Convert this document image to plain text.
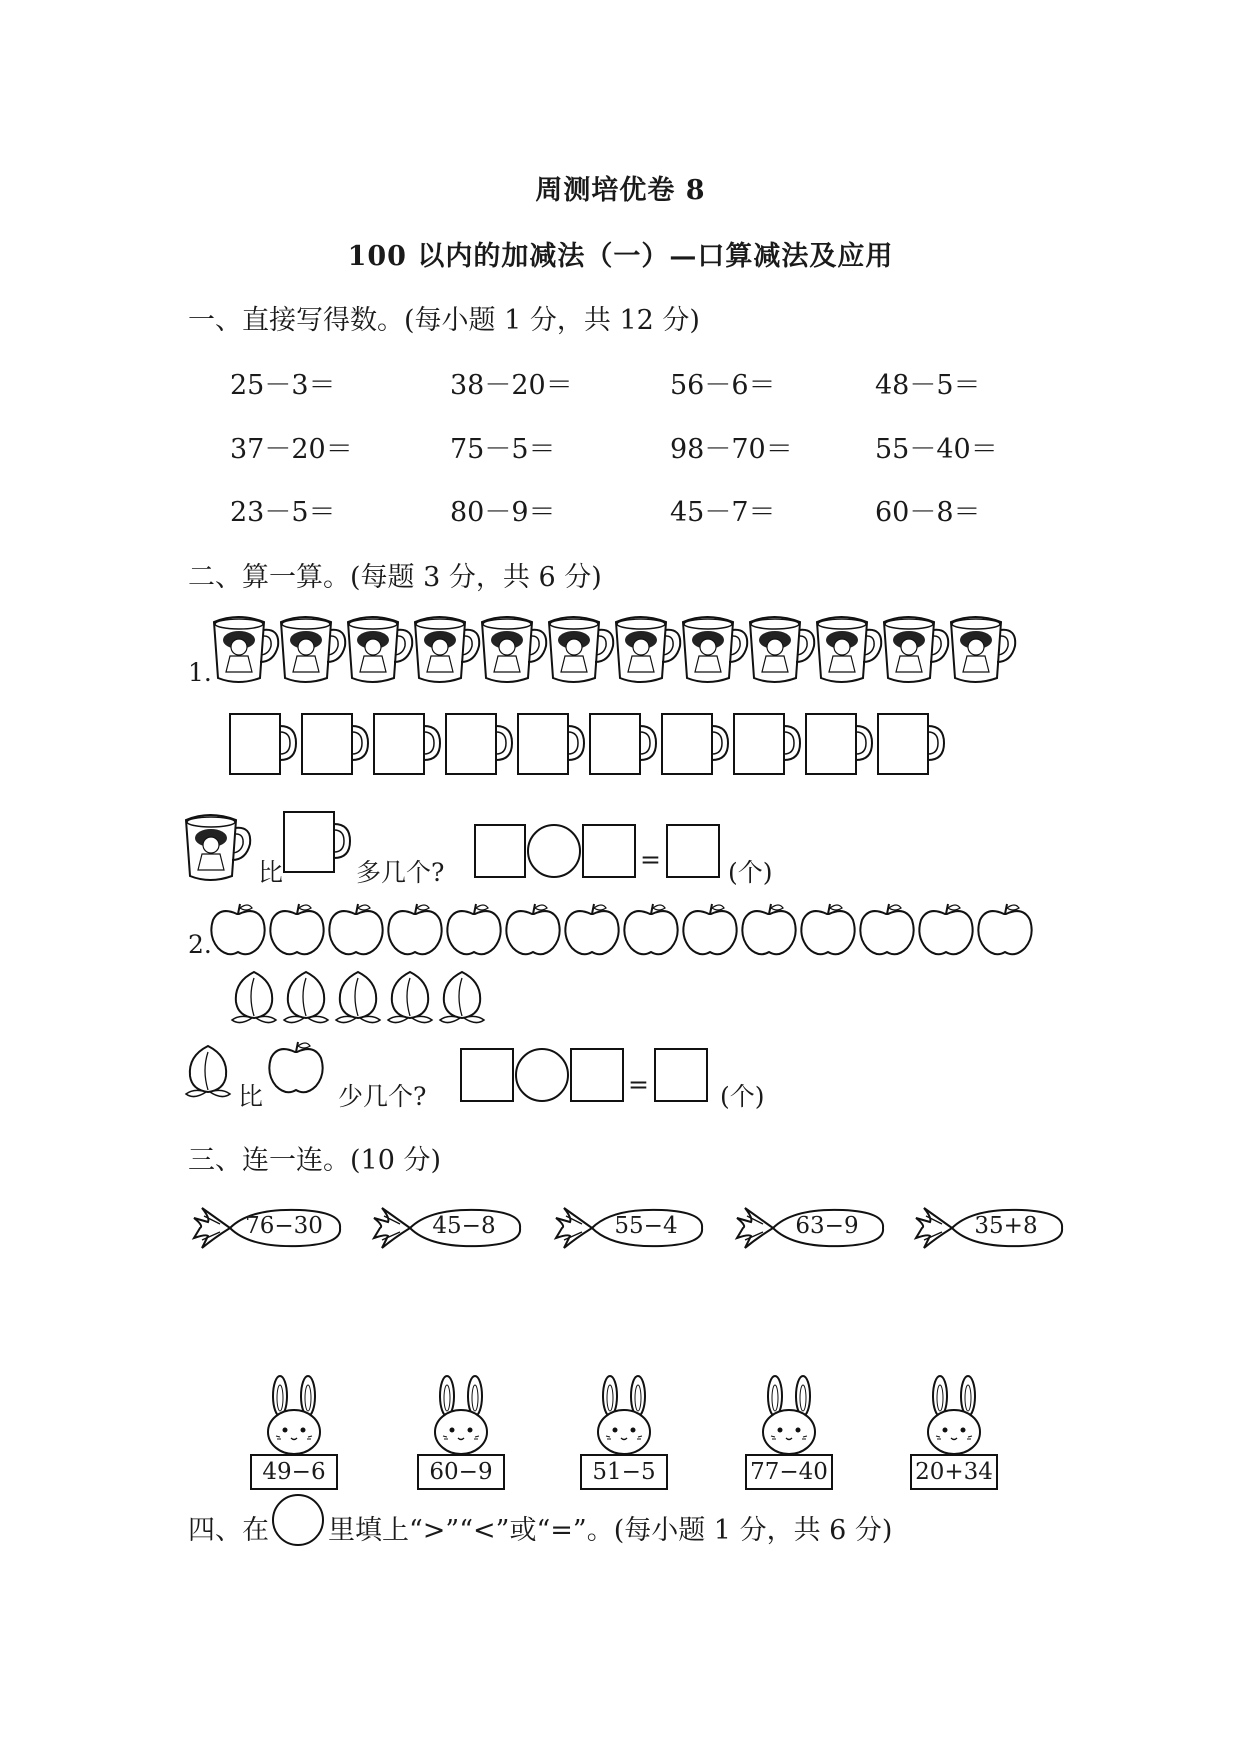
周测培优卷 8
100 以内的加减法（一）—口算减法及应用
一、直接写得数。(每小题 1 分，共 12 分)
25－3＝	38－20＝	56－6＝	48－5＝
37－20＝	75－5＝	98－70＝	55－40＝
23－5＝	80－9＝	45－7＝	60－8＝
二、算一算。(每题 3 分，共 6 分)
1.
比	多几个?	=	(个)
2.
比	少几个?	=	(个)
三、连一连。(10 分)
76−30	45−8	55−4	63−9	35+8
49−6	60−9	51−5	77−40	20+34
四、在 里填上“>”“<”或“=”。(每小题 1 分，共 6 分)
